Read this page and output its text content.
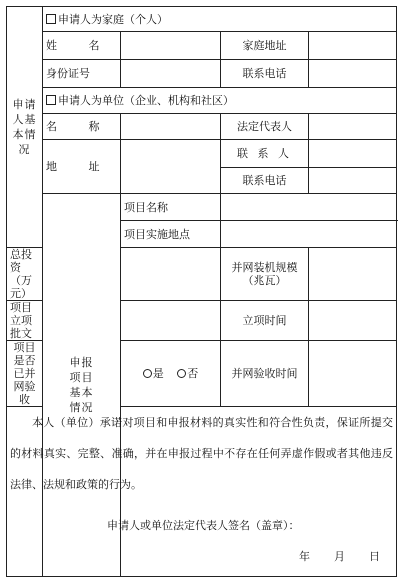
申请人基本情况	申请人为家庭（个人）			
	姓 名		家庭地址	
	身份证号		联系电话	
	申请人为单位（企业、机构和社区）			
	名 称		法定代表人	
	地 址		联 系 人	
			联系电话	
	申报项目基本情况	项目名称		
		项目实施地点		
总投资（万元）			并网装机规模（兆瓦）	
项目立项批文			立项时间	
项目是否已并网验收		是 否	并网验收时间	

本人（单位）承诺对项目和申报材料的真实性和符合性负责，保证所提交的材料真实、完整、准确，并在申报过程中不存在任何弄虚作假或者其他违反法律、法规和政策的行为。

申请人或单位法定代表人签名（盖章）：
年 月 日				
